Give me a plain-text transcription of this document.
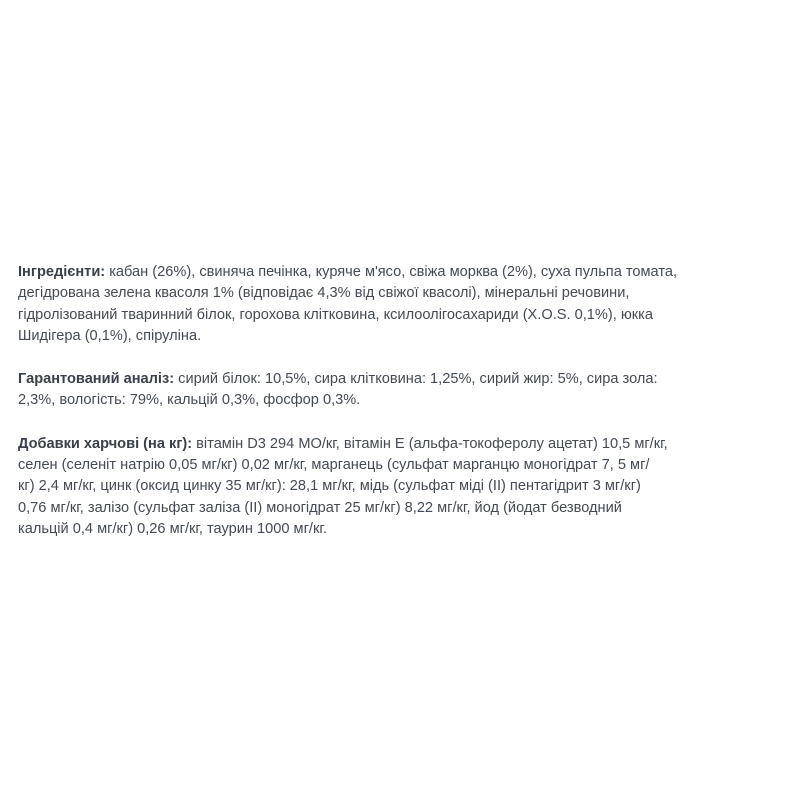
Інгредієнти: кабан (26%), свиняча печінка, куряче м'ясо, свіжа морква (2%), суха пульпа томата,
дегідрована зелена квасоля 1% (відповідає 4,3% від свіжої квасолі), мінеральні речовини,
гідролізований тваринний білок, горохова клітковина, ксилоолігосахариди (X.O.S. 0,1%), юкка
Шидігера (0,1%), спіруліна.
Гарантований аналіз: сирий білок: 10,5%, сира клітковина: 1,25%, сирий жир: 5%, сира зола:
2,3%, вологість: 79%, кальцій 0,3%, фосфор 0,3%.
Добавки харчові (на кг): вітамін D3 294 МО/кг, вітамін Е (альфа-токоферолу ацетат) 10,5 мг/кг,
селен (селеніт натрію 0,05 мг/кг) 0,02 мг/кг, марганець (сульфат марганцю моногідрат 7, 5 мг/
кг) 2,4 мг/кг, цинк (оксид цинку 35 мг/кг): 28,1 мг/кг, мідь (сульфат міді (II) пентагідрит 3 мг/кг)
0,76 мг/кг, залізо (сульфат заліза (II) моногідрат 25 мг/кг) 8,22 мг/кг, йод (йодат безводний
кальцій 0,4 мг/кг) 0,26 мг/кг, таурин 1000 мг/кг.
